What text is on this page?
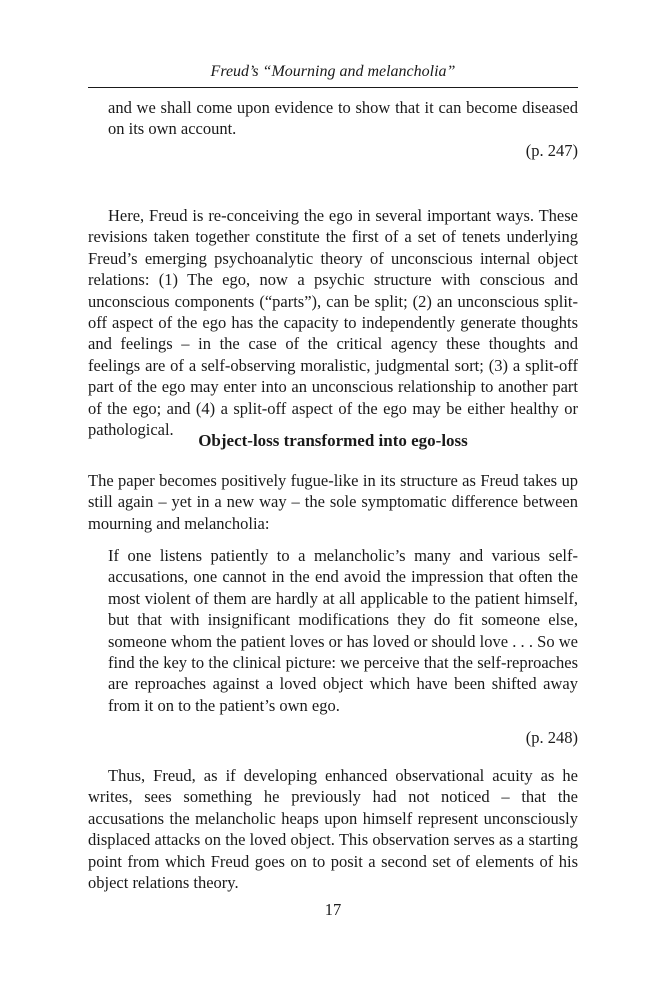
Freud’s “Mourning and melancholia”

and we shall come upon evidence to show that it can become diseased on its own account.

(p. 247)

Here, Freud is re-conceiving the ego in several important ways. These revisions taken together constitute the first of a set of tenets underlying Freud’s emerging psychoanalytic theory of unconscious internal object relations: (1) The ego, now a psychic structure with conscious and unconscious components (“parts”), can be split; (2) an unconscious split-off aspect of the ego has the capacity to independently generate thoughts and feelings – in the case of the critical agency these thoughts and feelings are of a self-observing moralistic, judgmental sort; (3) a split-off part of the ego may enter into an unconscious relationship to another part of the ego; and (4) a split-off aspect of the ego may be either healthy or pathological.

Object-loss transformed into ego-loss

The paper becomes positively fugue-like in its structure as Freud takes up still again – yet in a new way – the sole symptomatic difference between mourning and melancholia:

If one listens patiently to a melancholic’s many and various self-accusations, one cannot in the end avoid the impression that often the most violent of them are hardly at all applicable to the patient himself, but that with insignificant modifications they do fit someone else, someone whom the patient loves or has loved or should love . . . So we find the key to the clinical picture: we perceive that the self-reproaches are reproaches against a loved object which have been shifted away from it on to the patient’s own ego.

(p. 248)

Thus, Freud, as if developing enhanced observational acuity as he writes, sees something he previously had not noticed – that the accusations the melancholic heaps upon himself represent unconsciously displaced attacks on the loved object. This observation serves as a starting point from which Freud goes on to posit a second set of elements of his object relations theory.

17
